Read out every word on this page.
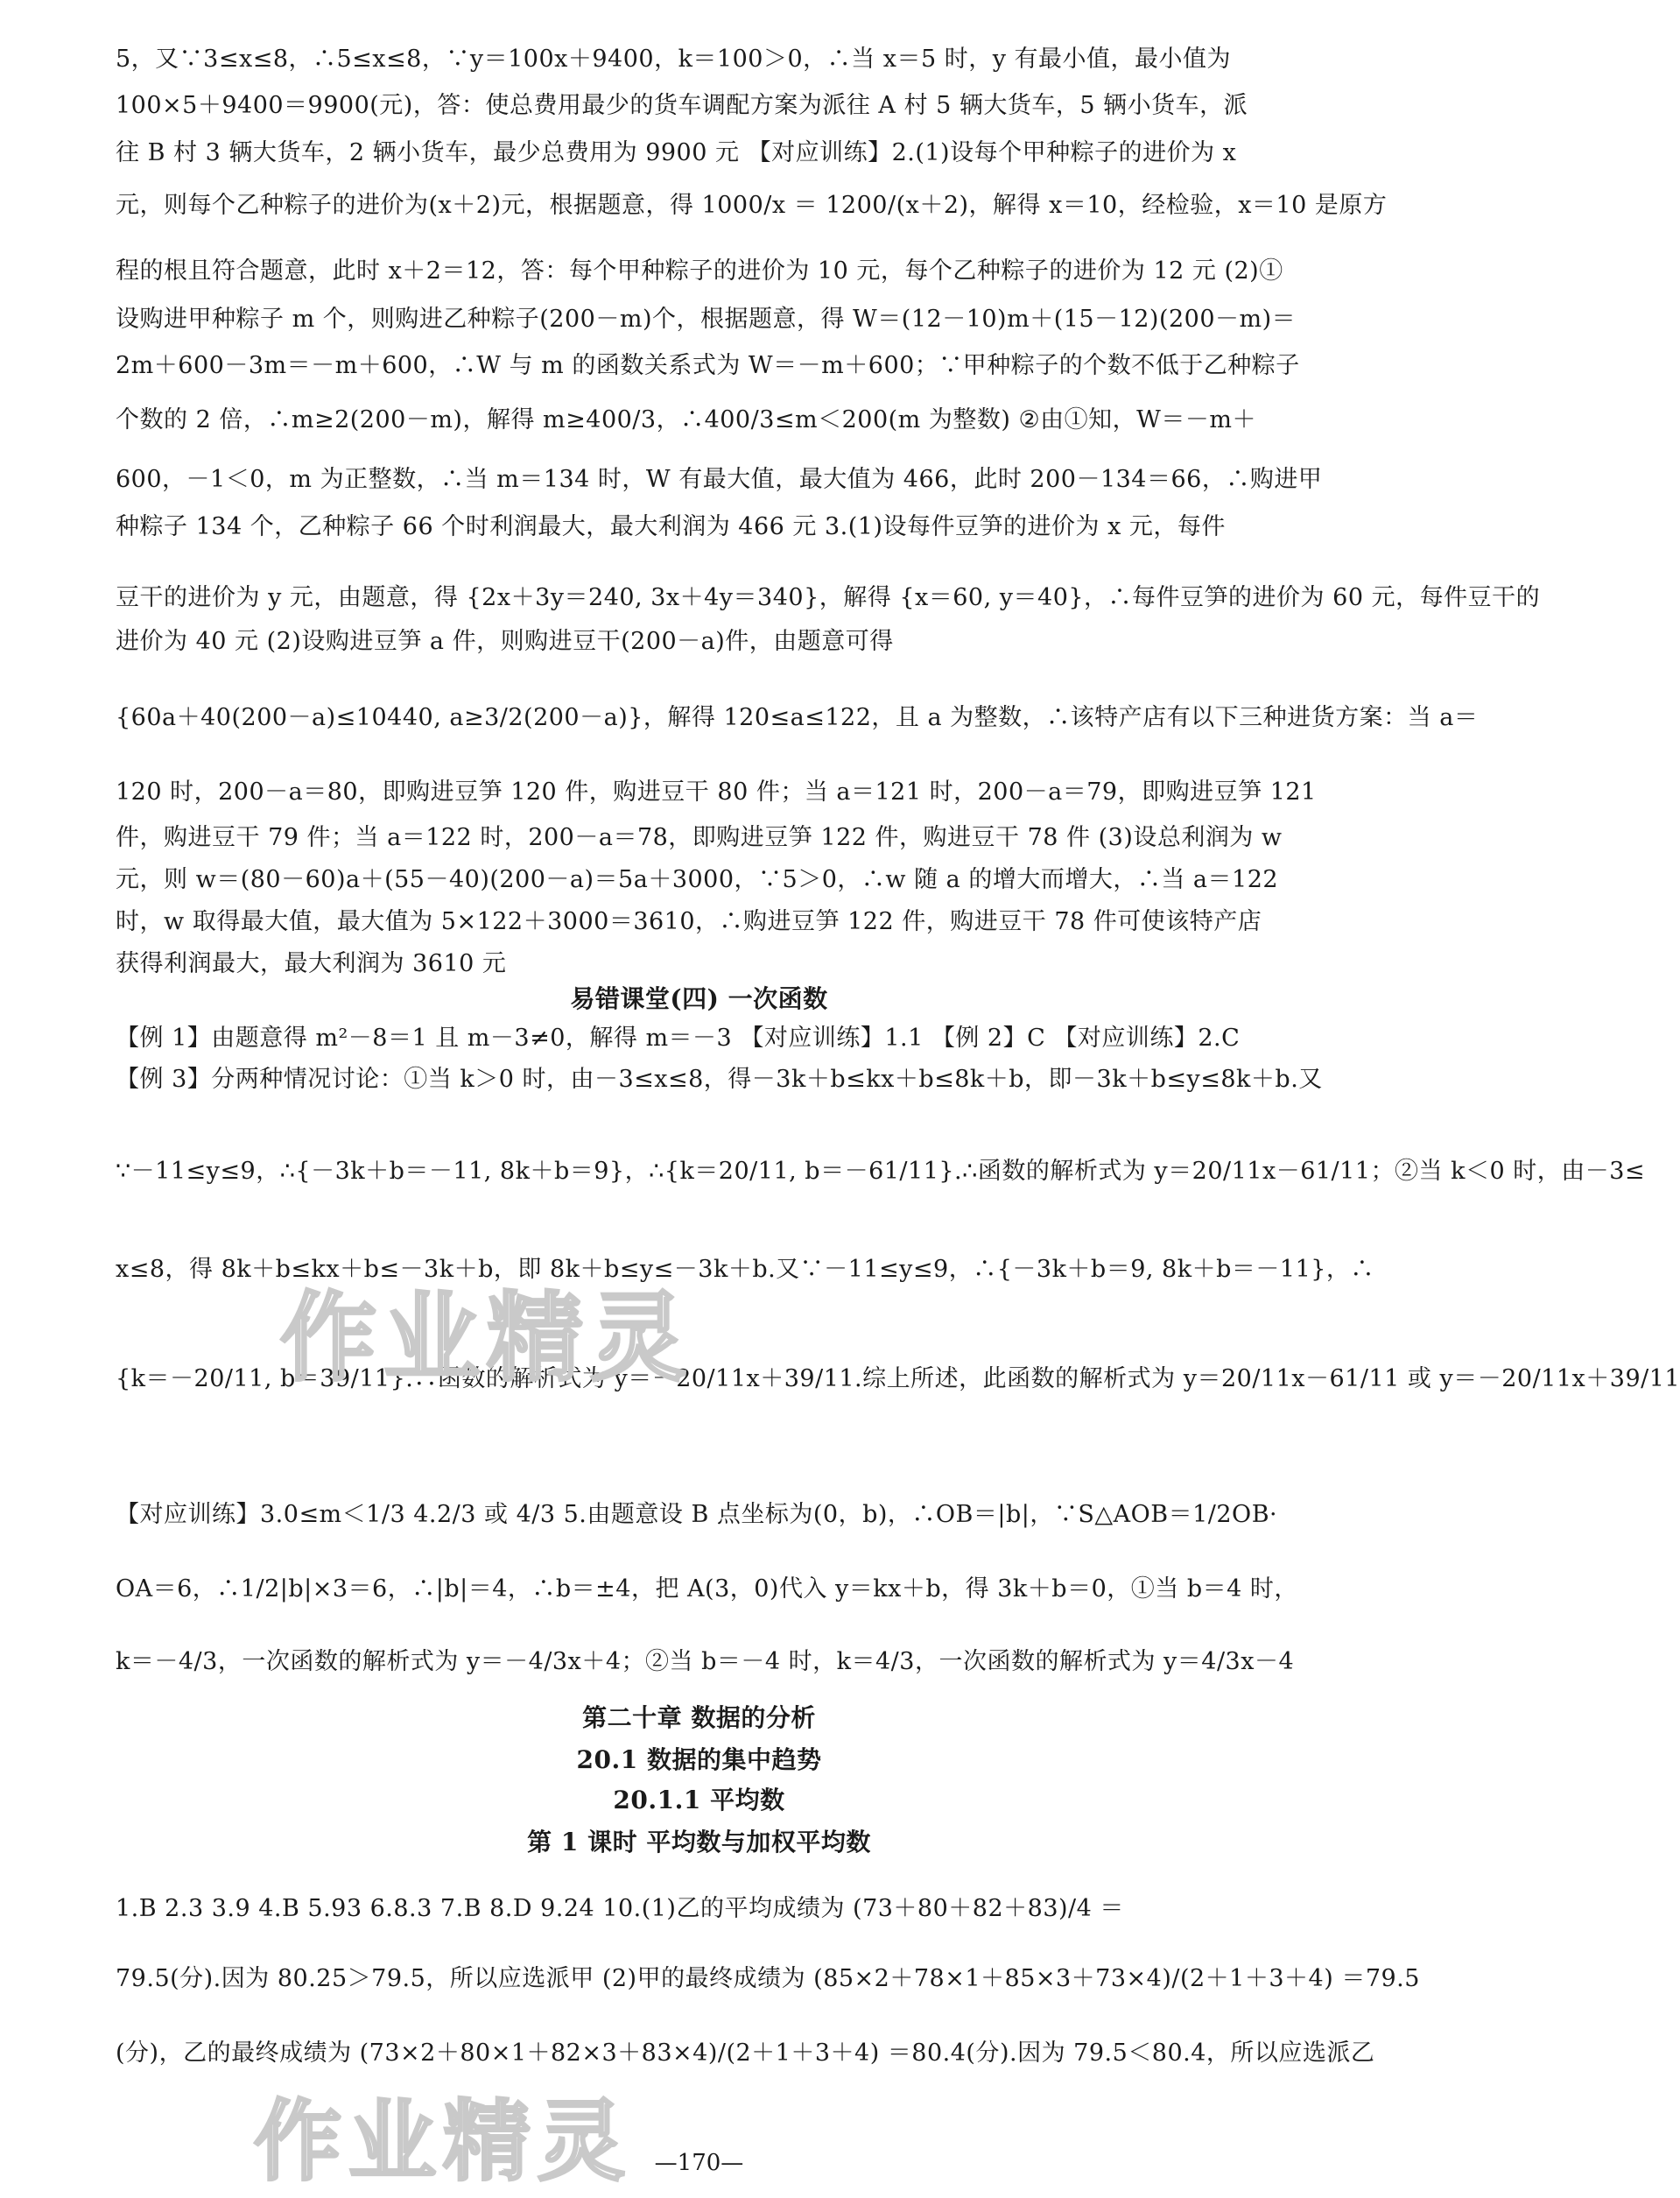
5，又∵3≤x≤8，∴5≤x≤8，∵y＝100x＋9400，k＝100＞0，∴当 x＝5 时，y 有最小值，最小值为
100×5＋9400＝9900(元)，答：使总费用最少的货车调配方案为派往 A 村 5 辆大货车，5 辆小货车，派
往 B 村 3 辆大货车，2 辆小货车，最少总费用为 9900 元 【对应训练】2.(1)设每个甲种粽子的进价为 x
元，则每个乙种粽子的进价为(x＋2)元，根据题意，得 1000/x ＝ 1200/(x＋2)，解得 x＝10，经检验，x＝10 是原方
程的根且符合题意，此时 x＋2＝12，答：每个甲种粽子的进价为 10 元，每个乙种粽子的进价为 12 元 (2)①
设购进甲种粽子 m 个，则购进乙种粽子(200－m)个，根据题意，得 W＝(12－10)m＋(15－12)(200－m)＝
2m＋600－3m＝－m＋600，∴W 与 m 的函数关系式为 W＝－m＋600；∵甲种粽子的个数不低于乙种粽子
个数的 2 倍，∴m≥2(200－m)，解得 m≥400/3，∴400/3≤m＜200(m 为整数) ②由①知，W＝－m＋
600，－1＜0，m 为正整数，∴当 m＝134 时，W 有最大值，最大值为 466，此时 200－134＝66，∴购进甲
种粽子 134 个，乙种粽子 66 个时利润最大，最大利润为 466 元 3.(1)设每件豆笋的进价为 x 元，每件
豆干的进价为 y 元，由题意，得 {2x＋3y＝240, 3x＋4y＝340}，解得 {x＝60, y＝40}，∴每件豆笋的进价为 60 元，每件豆干的
进价为 40 元 (2)设购进豆笋 a 件，则购进豆干(200－a)件，由题意可得
{60a＋40(200－a)≤10440, a≥3/2(200－a)}，解得 120≤a≤122，且 a 为整数，∴该特产店有以下三种进货方案：当 a＝
120 时，200－a＝80，即购进豆笋 120 件，购进豆干 80 件；当 a＝121 时，200－a＝79，即购进豆笋 121
件，购进豆干 79 件；当 a＝122 时，200－a＝78，即购进豆笋 122 件，购进豆干 78 件 (3)设总利润为 w
元，则 w＝(80－60)a＋(55－40)(200－a)＝5a＋3000，∵5＞0，∴w 随 a 的增大而增大，∴当 a＝122
时，w 取得最大值，最大值为 5×122＋3000＝3610，∴购进豆笋 122 件，购进豆干 78 件可使该特产店
获得利润最大，最大利润为 3610 元
易错课堂(四) 一次函数
【例 1】由题意得 m²－8＝1 且 m－3≠0，解得 m＝－3 【对应训练】1.1 【例 2】C 【对应训练】2.C
【例 3】分两种情况讨论：①当 k＞0 时，由－3≤x≤8，得－3k＋b≤kx＋b≤8k＋b，即－3k＋b≤y≤8k＋b.又
∵－11≤y≤9，∴{－3k＋b＝－11, 8k＋b＝9}，∴{k＝20/11, b＝－61/11}.∴函数的解析式为 y＝20/11x－61/11；②当 k＜0 时，由－3≤
x≤8，得 8k＋b≤kx＋b≤－3k＋b，即 8k＋b≤y≤－3k＋b.又∵－11≤y≤9，∴{－3k＋b＝9, 8k＋b＝－11}，∴
{k＝－20/11, b＝39/11}.∴函数的解析式为 y＝－20/11x＋39/11.综上所述，此函数的解析式为 y＝20/11x－61/11 或 y＝－20/11x＋39/11
【对应训练】3.0≤m＜1/3 4.2/3 或 4/3 5.由题意设 B 点坐标为(0，b)，∴OB＝|b|，∵S△AOB＝1/2OB·
OA＝6，∴1/2|b|×3＝6，∴|b|＝4，∴b＝±4，把 A(3，0)代入 y＝kx＋b，得 3k＋b＝0，①当 b＝4 时，
k＝－4/3，一次函数的解析式为 y＝－4/3x＋4；②当 b＝－4 时，k＝4/3，一次函数的解析式为 y＝4/3x－4
第二十章 数据的分析
20.1 数据的集中趋势
20.1.1 平均数
第 1 课时 平均数与加权平均数
1.B 2.3 3.9 4.B 5.93 6.8.3 7.B 8.D 9.24 10.(1)乙的平均成绩为 (73＋80＋82＋83)/4 ＝
79.5(分).因为 80.25＞79.5，所以应选派甲 (2)甲的最终成绩为 (85×2＋78×1＋85×3＋73×4)/(2＋1＋3＋4) ＝79.5
(分)，乙的最终成绩为 (73×2＋80×1＋82×3＋83×4)/(2＋1＋3＋4) ＝80.4(分).因为 79.5＜80.4，所以应选派乙
作业精灵
作业精灵 —170—
